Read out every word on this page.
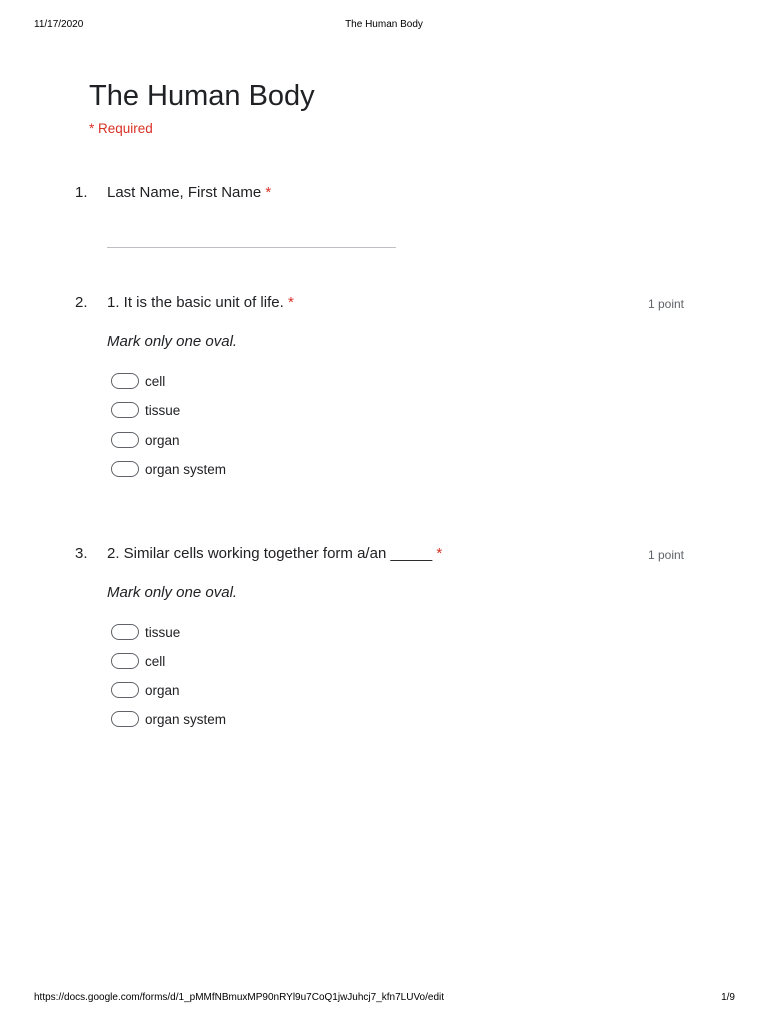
11/17/2020	The Human Body
The Human Body
* Required
1. Last Name, First Name *
2. 1. It is the basic unit of life. *	1 point
Mark only one oval.
cell
tissue
organ
organ system
3. 2. Similar cells working together form a/an _____ *	1 point
Mark only one oval.
tissue
cell
organ
organ system
https://docs.google.com/forms/d/1_pMMfNBmuxMP90nRYl9u7CoQ1jwJuhcj7_kfn7LUVo/edit	1/9
